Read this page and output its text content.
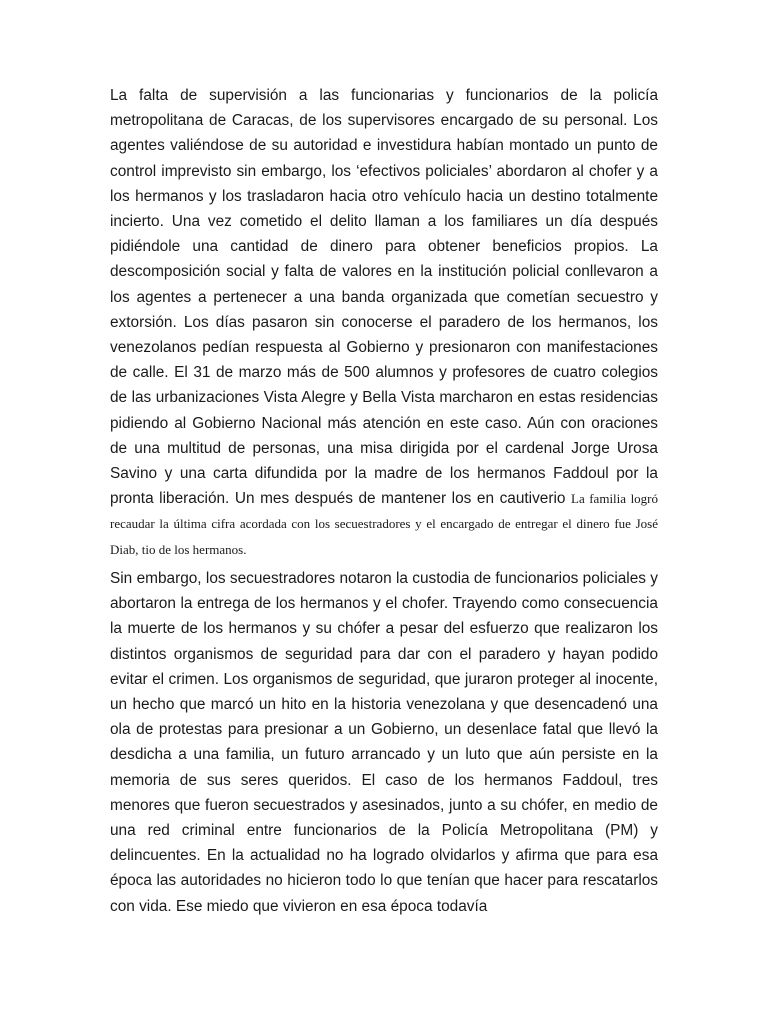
La falta de supervisión a las funcionarias y funcionarios de la policía metropolitana de Caracas, de los supervisores encargado de su personal. Los agentes valiéndose de su autoridad e investidura habían montado un punto de control imprevisto sin embargo, los ‘efectivos policiales’ abordaron al chofer y a los hermanos y los trasladaron hacia otro vehículo hacia un destino totalmente incierto. Una vez cometido el delito llaman a los familiares un día después pidiéndole una cantidad de dinero para obtener beneficios propios. La descomposición social y falta de valores en la institución policial conllevaron a los agentes a pertenecer a una banda organizada que cometían secuestro y extorsión. Los días pasaron sin conocerse el paradero de los hermanos, los venezolanos pedían respuesta al Gobierno y presionaron con manifestaciones de calle. El 31 de marzo más de 500 alumnos y profesores de cuatro colegios de las urbanizaciones Vista Alegre y Bella Vista marcharon en estas residencias pidiendo al Gobierno Nacional más atención en este caso. Aún con oraciones de una multitud de personas, una misa dirigida por el cardenal Jorge Urosa Savino y una carta difundida por la madre de los hermanos Faddoul por la pronta liberación. Un mes después de mantener los en cautiverio La familia logró recaudar la última cifra acordada con los secuestradores y el encargado de entregar el dinero fue José Diab, tio de los hermanos.

Sin embargo, los secuestradores notaron la custodia de funcionarios policiales y abortaron la entrega de los hermanos y el chofer. Trayendo como consecuencia la muerte de los hermanos y su chófer a pesar del esfuerzo que realizaron los distintos organismos de seguridad para dar con el paradero y hayan podido evitar el crimen. Los organismos de seguridad, que juraron proteger al inocente, un hecho que marcó un hito en la historia venezolana y que desencadenó una ola de protestas para presionar a un Gobierno, un desenlace fatal que llevó la desdicha a una familia, un futuro arrancado y un luto que aún persiste en la memoria de sus seres queridos. El caso de los hermanos Faddoul, tres menores que fueron secuestrados y asesinados, junto a su chófer, en medio de una red criminal entre funcionarios de la Policía Metropolitana (PM) y delincuentes. En la actualidad no ha logrado olvidarlos y afirma que para esa época las autoridades no hicieron todo lo que tenían que hacer para rescatarlos con vida. Ese miedo que vivieron en esa época todavía
